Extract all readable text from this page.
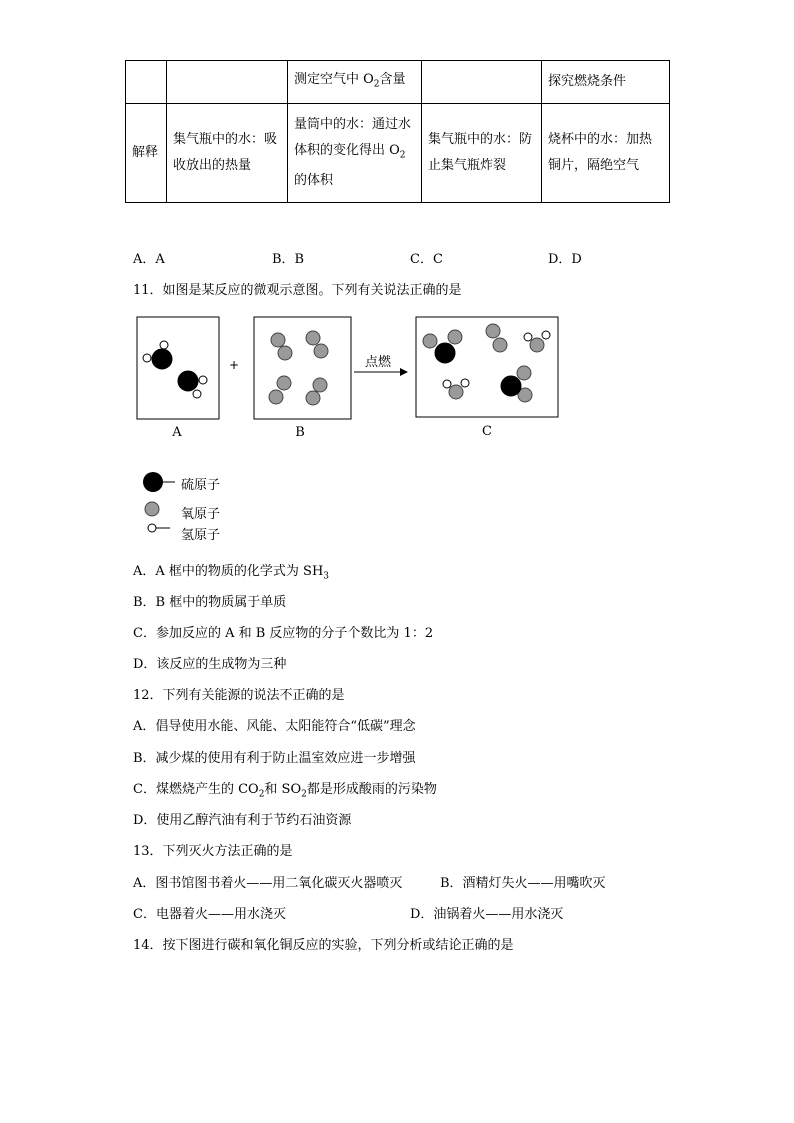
		测定空气中 $O_2$含量		探究燃烧条件
解释	集气瓶中的水：吸收放出的热量	量筒中的水：通过水体积的变化得出 $O_2$的体积	集气瓶中的水：防止集气瓶炸裂	烧杯中的水：加热铜片，隔绝空气
A．A	B．B	C．C	D．D
11．如图是某反应的微观示意图。下列有关说法正确的是
+	点燃
A	B	C
硫原子
氧原子
氢原子
A．A 框中的物质的化学式为 $SH_3$
B．B 框中的物质属于单质
C．参加反应的 A 和 B 反应物的分子个数比为 1：2
D．该反应的生成物为三种
12．下列有关能源的说法不正确的是
A．倡导使用水能、风能、太阳能符合“低碳”理念
B．减少煤的使用有利于防止温室效应进一步增强
C．煤燃烧产生的 $CO_2$和 $SO_2$都是形成酸雨的污染物
D．使用乙醇汽油有利于节约石油资源
13．下列灭火方法正确的是
A．图书馆图书着火——用二氧化碳灭火器喷灭	B．酒精灯失火——用嘴吹灭
C．电器着火——用水浇灭	D．油锅着火——用水浇灭
14．按下图进行碳和氧化铜反应的实验，下列分析或结论正确的是
